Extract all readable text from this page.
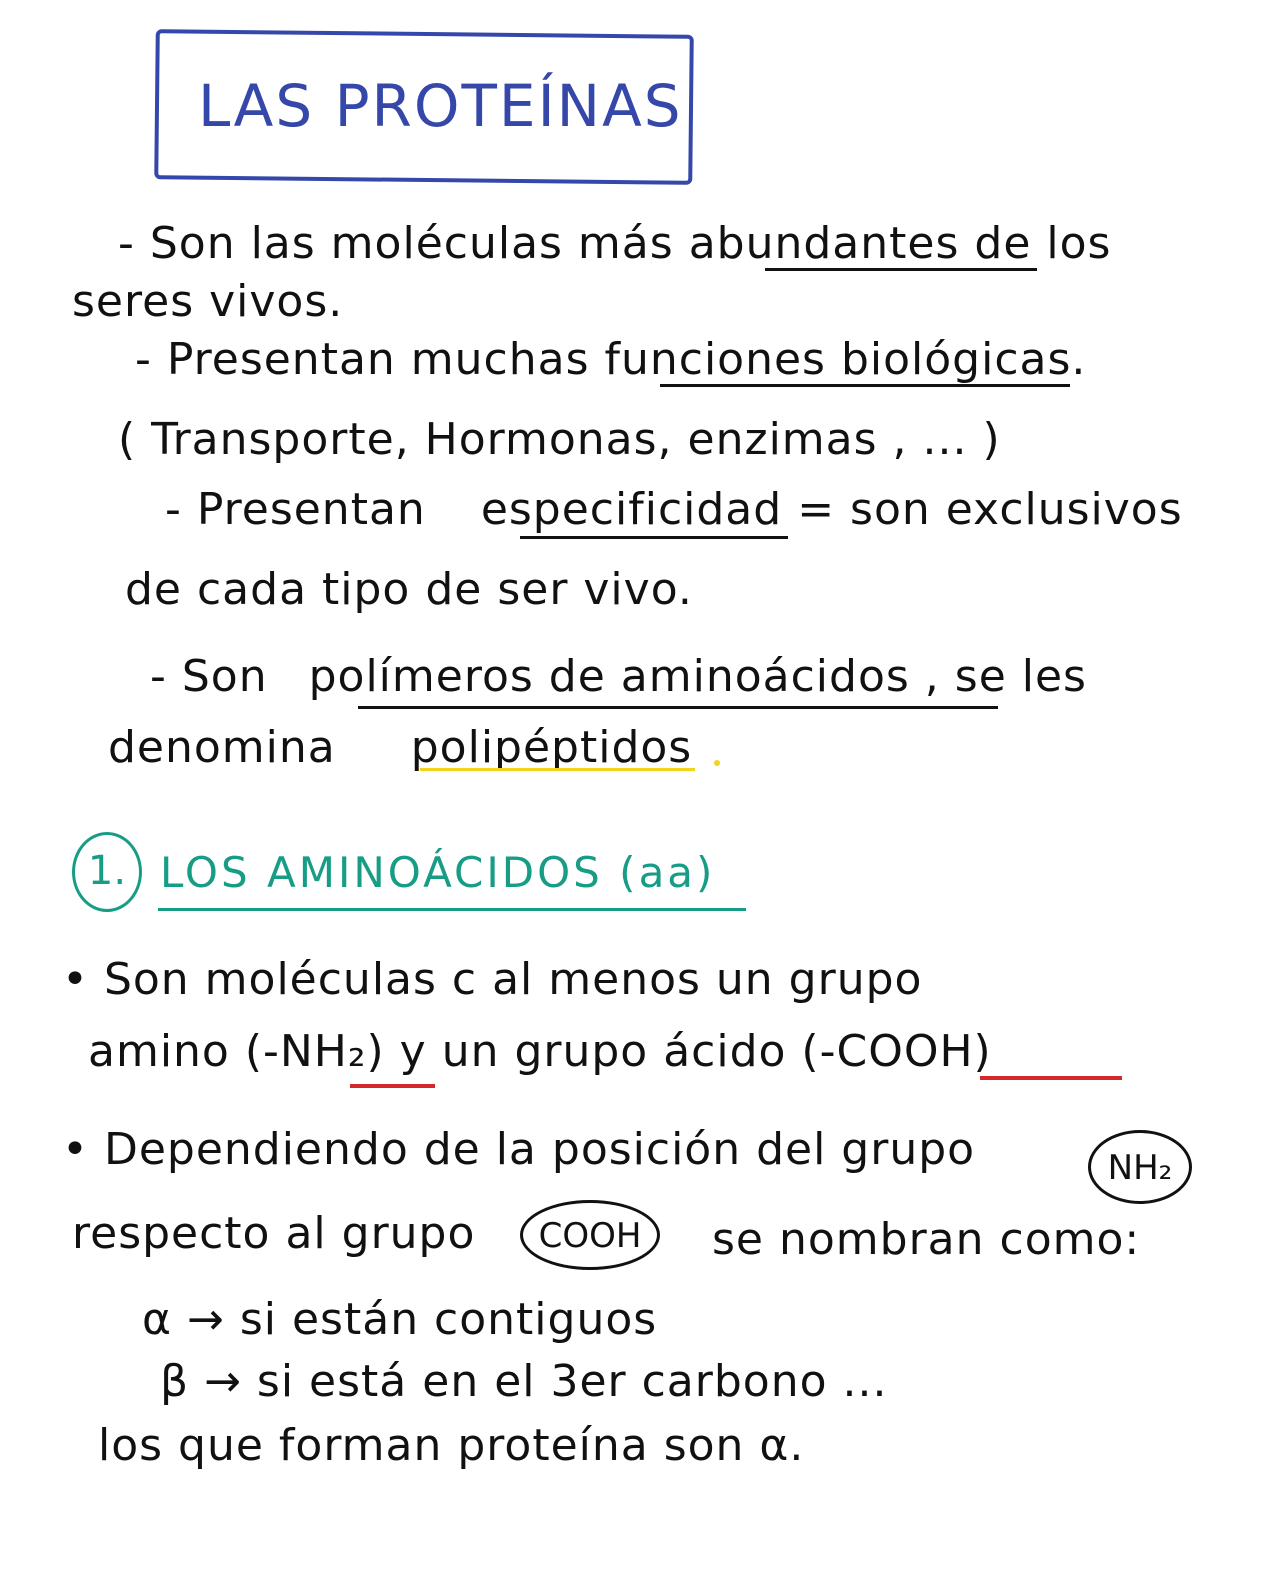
LAS PROTEÍNAS
- Son las moléculas más abundantes de los
seres vivos.
- Presentan muchas funciones biológicas.
( Transporte, Hormonas, enzimas , ... )
- Presentan especificidad = son exclusivos
de cada tipo de ser vivo.
- Son polímeros de aminoácidos , se les
denomina polipéptidos
1. LOS AMINOÁCIDOS (aa)
• Son moléculas c al menos un grupo
amino (-NH₂) y un grupo ácido (-COOH)
• Dependiendo de la posición del grupo	NH₂
respecto al grupo	COOH	se nombran como:
α → si están contiguos
β → si está en el 3er carbono ...
los que forman proteína son α.
